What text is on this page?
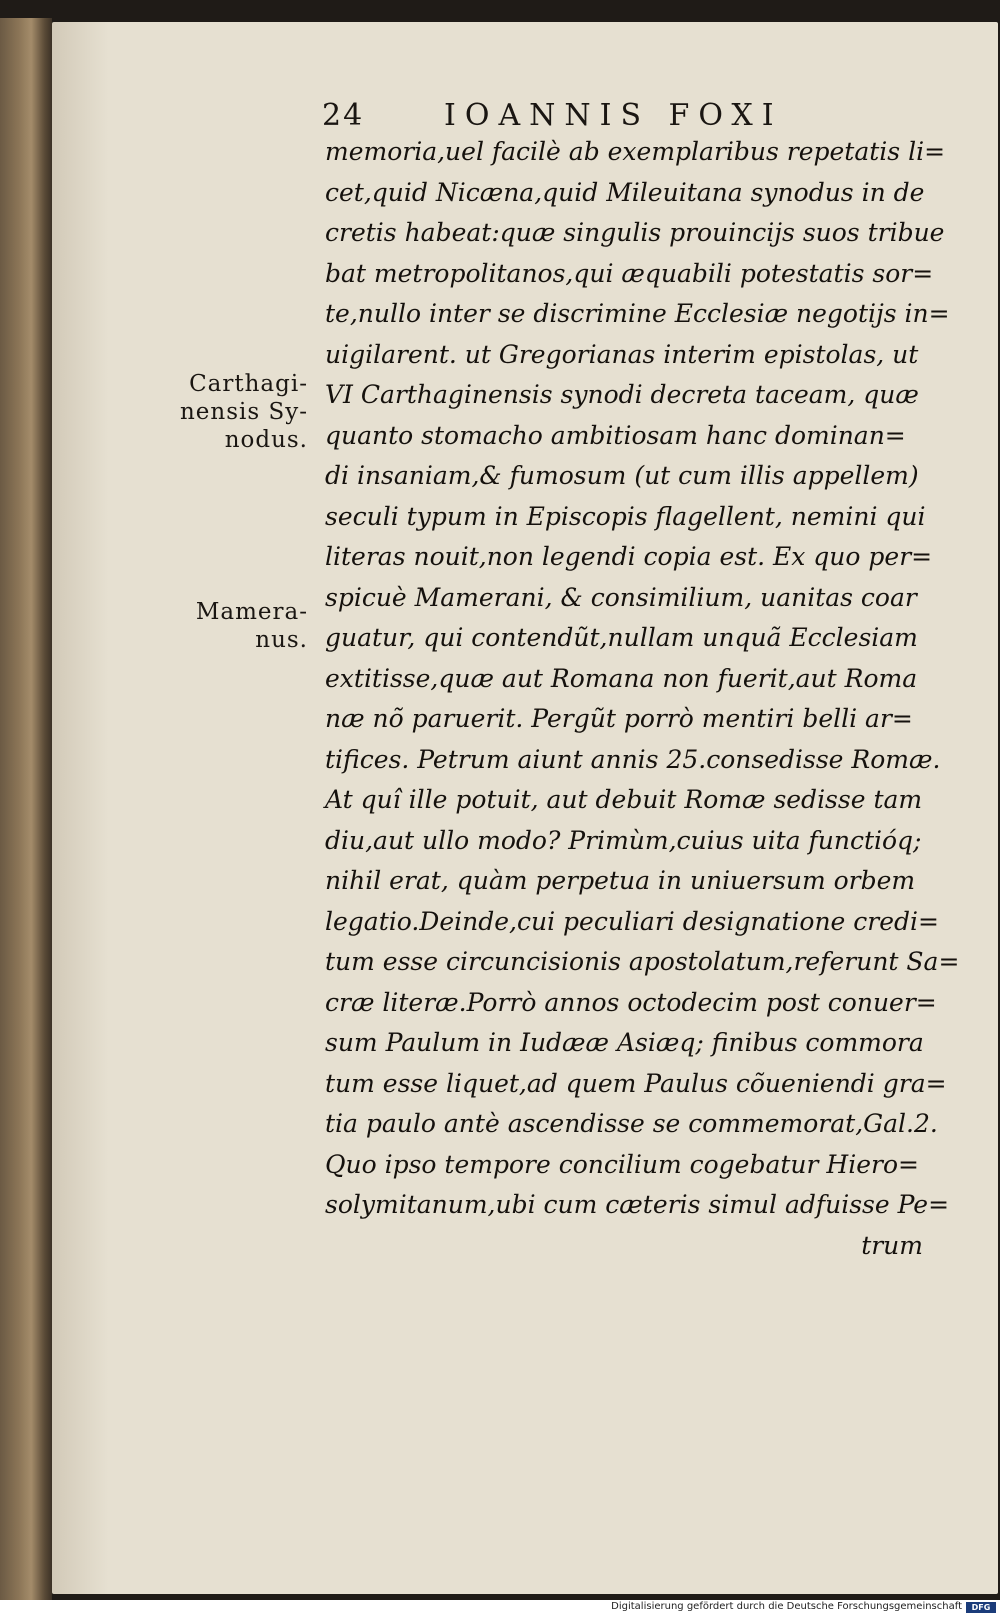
24	IOANNIS FOXI
Carthagi-
nensis Sy-
nodus.
Mamera-
nus.
memoria,uel facilè ab exemplaribus repetatis li=
cet,quid Nicæna,quid Mileuitana synodus in de
cretis habeat:quæ singulis prouincijs suos tribue
bat metropolitanos,qui æquabili potestatis sor=
te,nullo inter se discrimine Ecclesiæ negotijs in=
uigilarent. ut Gregorianas interim epistolas, ut
VI Carthaginensis synodi decreta taceam, quæ
quanto stomacho ambitiosam hanc dominan=
di insaniam,& fumosum (ut cum illis appellem)
seculi typum in Episcopis flagellent, nemini qui
literas nouit,non legendi copia est. Ex quo per=
spicuè Mamerani, & consimilium, uanitas coar
guatur, qui contendũt,nullam unquã Ecclesiam
extitisse,quæ aut Romana non fuerit,aut Roma
næ nõ paruerit. Pergũt porrò mentiri belli ar=
tifices. Petrum aiunt annis 25.consedisse Romæ.
At quî ille potuit, aut debuit Romæ sedisse tam
diu,aut ullo modo? Primùm,cuius uita functióq;
nihil erat, quàm perpetua in uniuersum orbem
legatio.Deinde,cui peculiari designatione credi=
tum esse circuncisionis apostolatum,referunt Sa=
cræ literæ.Porrò annos octodecim post conuer=
sum Paulum in Iudææ Asiæq; finibus commora
tum esse liquet,ad quem Paulus cõueniendi gra=
tia paulo antè ascendisse se commemorat,Gal.2.
Quo ipso tempore concilium cogebatur Hiero=
solymitanum,ubi cum cæteris simul adfuisse Pe=
trum
Digitalisierung gefördert durch die Deutsche Forschungsgemeinschaft	DFG
